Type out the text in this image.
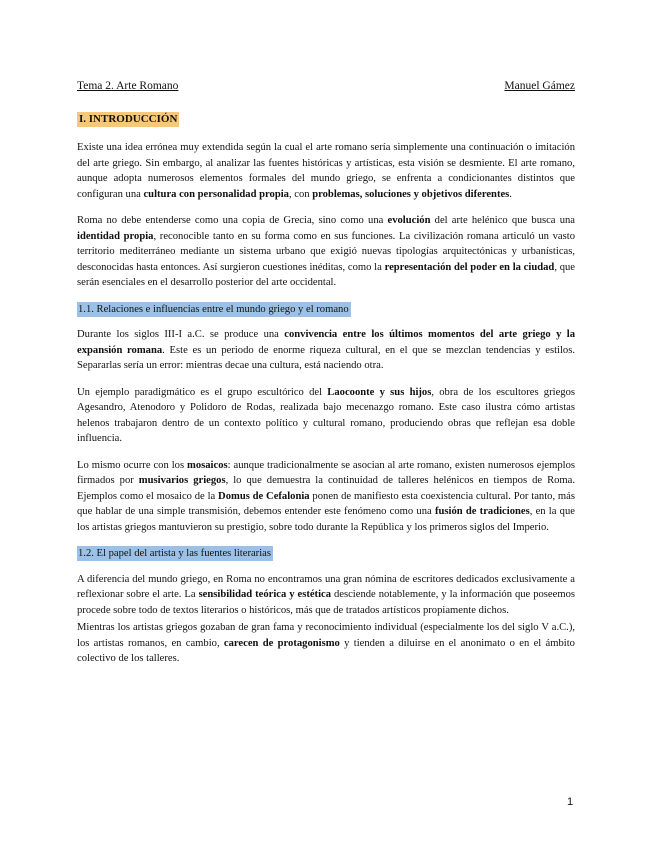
Tema 2. Arte Romano	Manuel Gámez
I. INTRODUCCIÓN

Existe una idea errónea muy extendida según la cual el arte romano sería simplemente una continuación o imitación del arte griego. Sin embargo, al analizar las fuentes históricas y artísticas, esta visión se desmiente. El arte romano, aunque adopta numerosos elementos formales del mundo griego, se enfrenta a condicionantes distintos que configuran una cultura con personalidad propia, con problemas, soluciones y objetivos diferentes.

Roma no debe entenderse como una copia de Grecia, sino como una evolución del arte helénico que busca una identidad propia, reconocible tanto en su forma como en sus funciones. La civilización romana articuló un vasto territorio mediterráneo mediante un sistema urbano que exigió nuevas tipologías arquitectónicas y urbanísticas, desconocidas hasta entonces. Así surgieron cuestiones inéditas, como la representación del poder en la ciudad, que serán esenciales en el desarrollo posterior del arte occidental.

1.1. Relaciones e influencias entre el mundo griego y el romano

Durante los siglos III-I a.C. se produce una convivencia entre los últimos momentos del arte griego y la expansión romana. Este es un periodo de enorme riqueza cultural, en el que se mezclan tendencias y estilos. Separarlas sería un error: mientras decae una cultura, está naciendo otra.

Un ejemplo paradigmático es el grupo escultórico del Laocoonte y sus hijos, obra de los escultores griegos Agesandro, Atenodoro y Polidoro de Rodas, realizada bajo mecenazgo romano. Este caso ilustra cómo artistas helenos trabajaron dentro de un contexto político y cultural romano, produciendo obras que reflejan esa doble influencia.

Lo mismo ocurre con los mosaicos: aunque tradicionalmente se asocian al arte romano, existen numerosos ejemplos firmados por musivarios griegos, lo que demuestra la continuidad de talleres helénicos en tiempos de Roma. Ejemplos como el mosaico de la Domus de Cefalonia ponen de manifiesto esta coexistencia cultural. Por tanto, más que hablar de una simple transmisión, debemos entender este fenómeno como una fusión de tradiciones, en la que los artistas griegos mantuvieron su prestigio, sobre todo durante la República y los primeros siglos del Imperio.

1.2. El papel del artista y las fuentes literarias

A diferencia del mundo griego, en Roma no encontramos una gran nómina de escritores dedicados exclusivamente a reflexionar sobre el arte. La sensibilidad teórica y estética desciende notablemente, y la información que poseemos procede sobre todo de textos literarios o históricos, más que de tratados artísticos propiamente dichos.

Mientras los artistas griegos gozaban de gran fama y reconocimiento individual (especialmente los del siglo V a.C.), los artistas romanos, en cambio, carecen de protagonismo y tienden a diluirse en el anonimato o en el ámbito colectivo de los talleres.

1
